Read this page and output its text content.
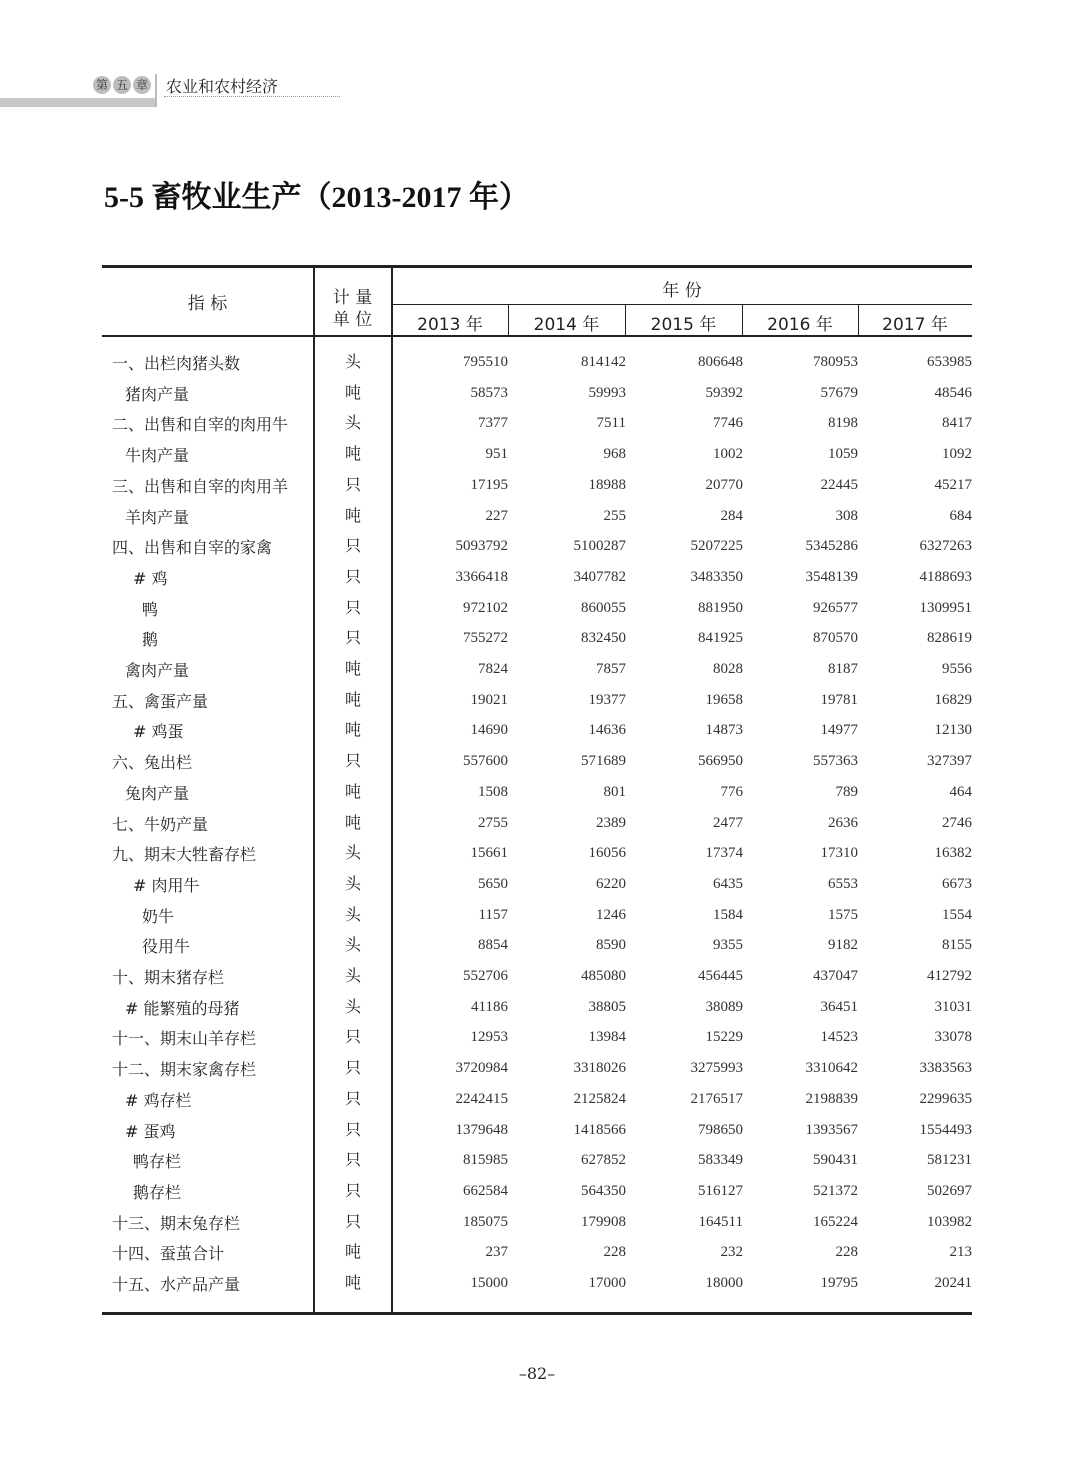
第 五 章 农业和农村经济
5-5 畜牧业生产（2013-2017 年）
指 标	计 量
单 位
年 份
2013 年	2014 年	2015 年	2016 年	2017 年
一、出栏肉猪头数	头	795510	814142	806648	780953	653985
猪肉产量	吨	58573	59993	59392	57679	48546
二、出售和自宰的肉用牛	头	7377	7511	7746	8198	8417
牛肉产量	吨	951	968	1002	1059	1092
三、出售和自宰的肉用羊	只	17195	18988	20770	22445	45217
羊肉产量	吨	227	255	284	308	684
四、出售和自宰的家禽	只	5093792	5100287	5207225	5345286	6327263
# 鸡	只	3366418	3407782	3483350	3548139	4188693
鸭	只	972102	860055	881950	926577	1309951
鹅	只	755272	832450	841925	870570	828619
禽肉产量	吨	7824	7857	8028	8187	9556
五、禽蛋产量	吨	19021	19377	19658	19781	16829
# 鸡蛋	吨	14690	14636	14873	14977	12130
六、兔出栏	只	557600	571689	566950	557363	327397
兔肉产量	吨	1508	801	776	789	464
七、牛奶产量	吨	2755	2389	2477	2636	2746
九、期末大牲畜存栏	头	15661	16056	17374	17310	16382
# 肉用牛	头	5650	6220	6435	6553	6673
奶牛	头	1157	1246	1584	1575	1554
役用牛	头	8854	8590	9355	9182	8155
十、期末猪存栏	头	552706	485080	456445	437047	412792
# 能繁殖的母猪	头	41186	38805	38089	36451	31031
十一、期末山羊存栏	只	12953	13984	15229	14523	33078
十二、期末家禽存栏	只	3720984	3318026	3275993	3310642	3383563
# 鸡存栏	只	2242415	2125824	2176517	2198839	2299635
# 蛋鸡	只	1379648	1418566	798650	1393567	1554493
鸭存栏	只	815985	627852	583349	590431	581231
鹅存栏	只	662584	564350	516127	521372	502697
十三、期末兔存栏	只	185075	179908	164511	165224	103982
十四、蚕茧合计	吨	237	228	232	228	213
十五、水产品产量	吨	15000	17000	18000	19795	20241
–82–
